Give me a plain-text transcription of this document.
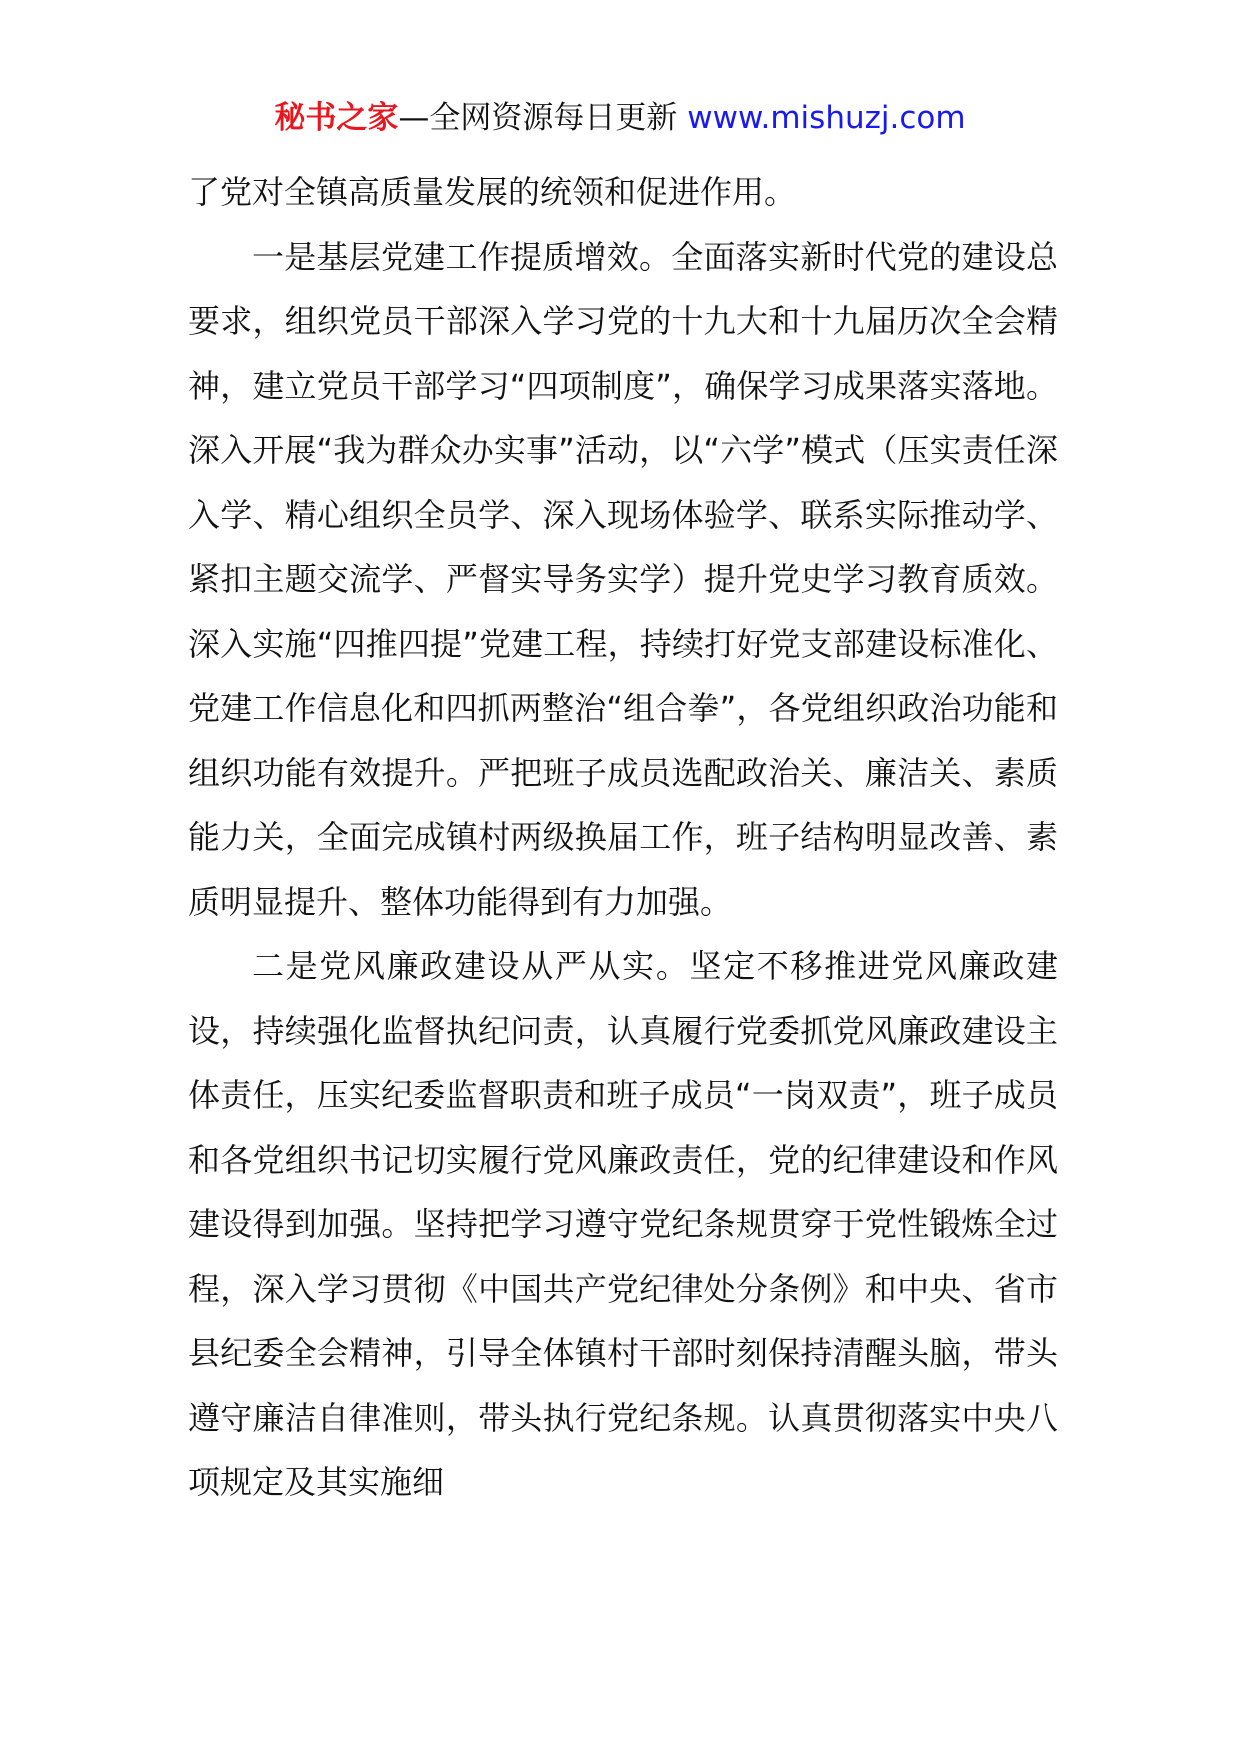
秘书之家—全网资源每日更新 www.mishuzj.com

了党对全镇高质量发展的统领和促进作用。

一是基层党建工作提质增效。全面落实新时代党的建设总要求，组织党员干部深入学习党的十九大和十九届历次全会精神，建立党员干部学习“四项制度”，确保学习成果落实落地。深入开展“我为群众办实事”活动，以“六学”模式（压实责任深入学、精心组织全员学、深入现场体验学、联系实际推动学、紧扣主题交流学、严督实导务实学）提升党史学习教育质效。深入实施“四推四提”党建工程，持续打好党支部建设标准化、党建工作信息化和四抓两整治“组合拳”，各党组织政治功能和组织功能有效提升。严把班子成员选配政治关、廉洁关、素质能力关，全面完成镇村两级换届工作，班子结构明显改善、素质明显提升、整体功能得到有力加强。

二是党风廉政建设从严从实。坚定不移推进党风廉政建设，持续强化监督执纪问责，认真履行党委抓党风廉政建设主体责任，压实纪委监督职责和班子成员“一岗双责”，班子成员和各党组织书记切实履行党风廉政责任，党的纪律建设和作风建设得到加强。坚持把学习遵守党纪条规贯穿于党性锻炼全过程，深入学习贯彻《中国共产党纪律处分条例》和中央、省市县纪委全会精神，引导全体镇村干部时刻保持清醒头脑，带头遵守廉洁自律准则，带头执行党纪条规。认真贯彻落实中央八项规定及其实施细
